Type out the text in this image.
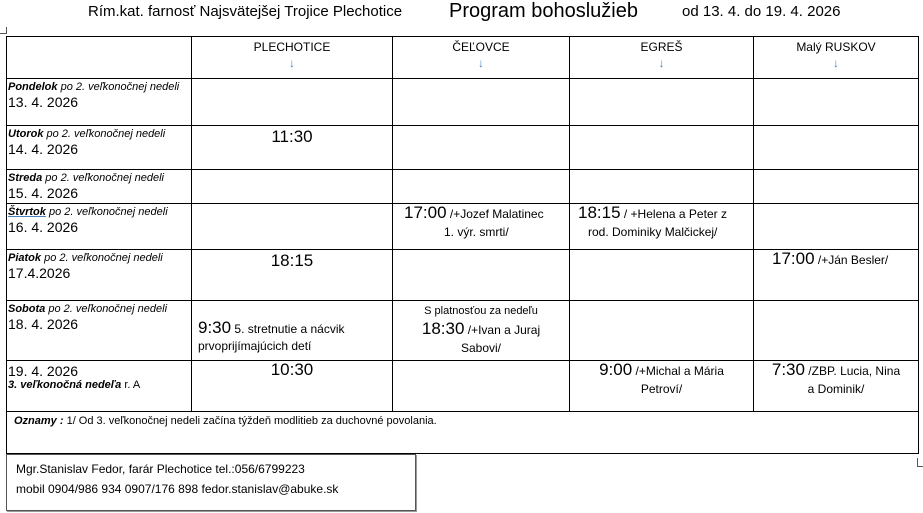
Rím.kat. farnosť Najsvätejšej Trojice Plechotice Program bohoslužieb	od 13. 4. do 19. 4. 2026
	PLECHOTICE
↓	ČEĽOVCE
↓	EGREŠ
↓	Malý RUSKOV
↓

Pondelok po 2. veľkonočnej nedeli
13. 4. 2026				

Utorok po 2. veľkonočnej nedeli
14. 4. 2026	11:30			
Streda po 2. veľkonočnej nedeli
15. 4. 2026				

Štvrtok po 2. veľkonočnej nedeli
16. 4. 2026		17:00 /+Jozef Malatinec
1. výr. smrti/	18:15 / +Helena a Peter z
rod. Dominiky Malčickej/	
Piatok po 2. veľkonočnej nedeli
17.4.2026	18:15			17:00 /+Ján Besler/
Sobota po 2. veľkonočnej nedeli
18. 4. 2026	9:30 5. stretnutie a nácvik
prvoprijímajúcich detí	S platnosťou za nedeľu
18:30 /+Ivan a Juraj
Sabovi/		

19. 4. 2026
3. veľkonočná nedeľa r. A	10:30		9:00 /+Michal a Mária
Petroví/	7:30 /ZBP. Lucia, Nina
a Dominik/
Oznamy : 1/ Od 3. veľkonočnej nedeli začína týždeň modlitieb za duchovné povolania.				
Mgr.Stanislav Fedor, farár Plechotice tel.:056/6799223
mobil 0904/986 934 0907/176 898 fedor.stanislav@abuke.sk
